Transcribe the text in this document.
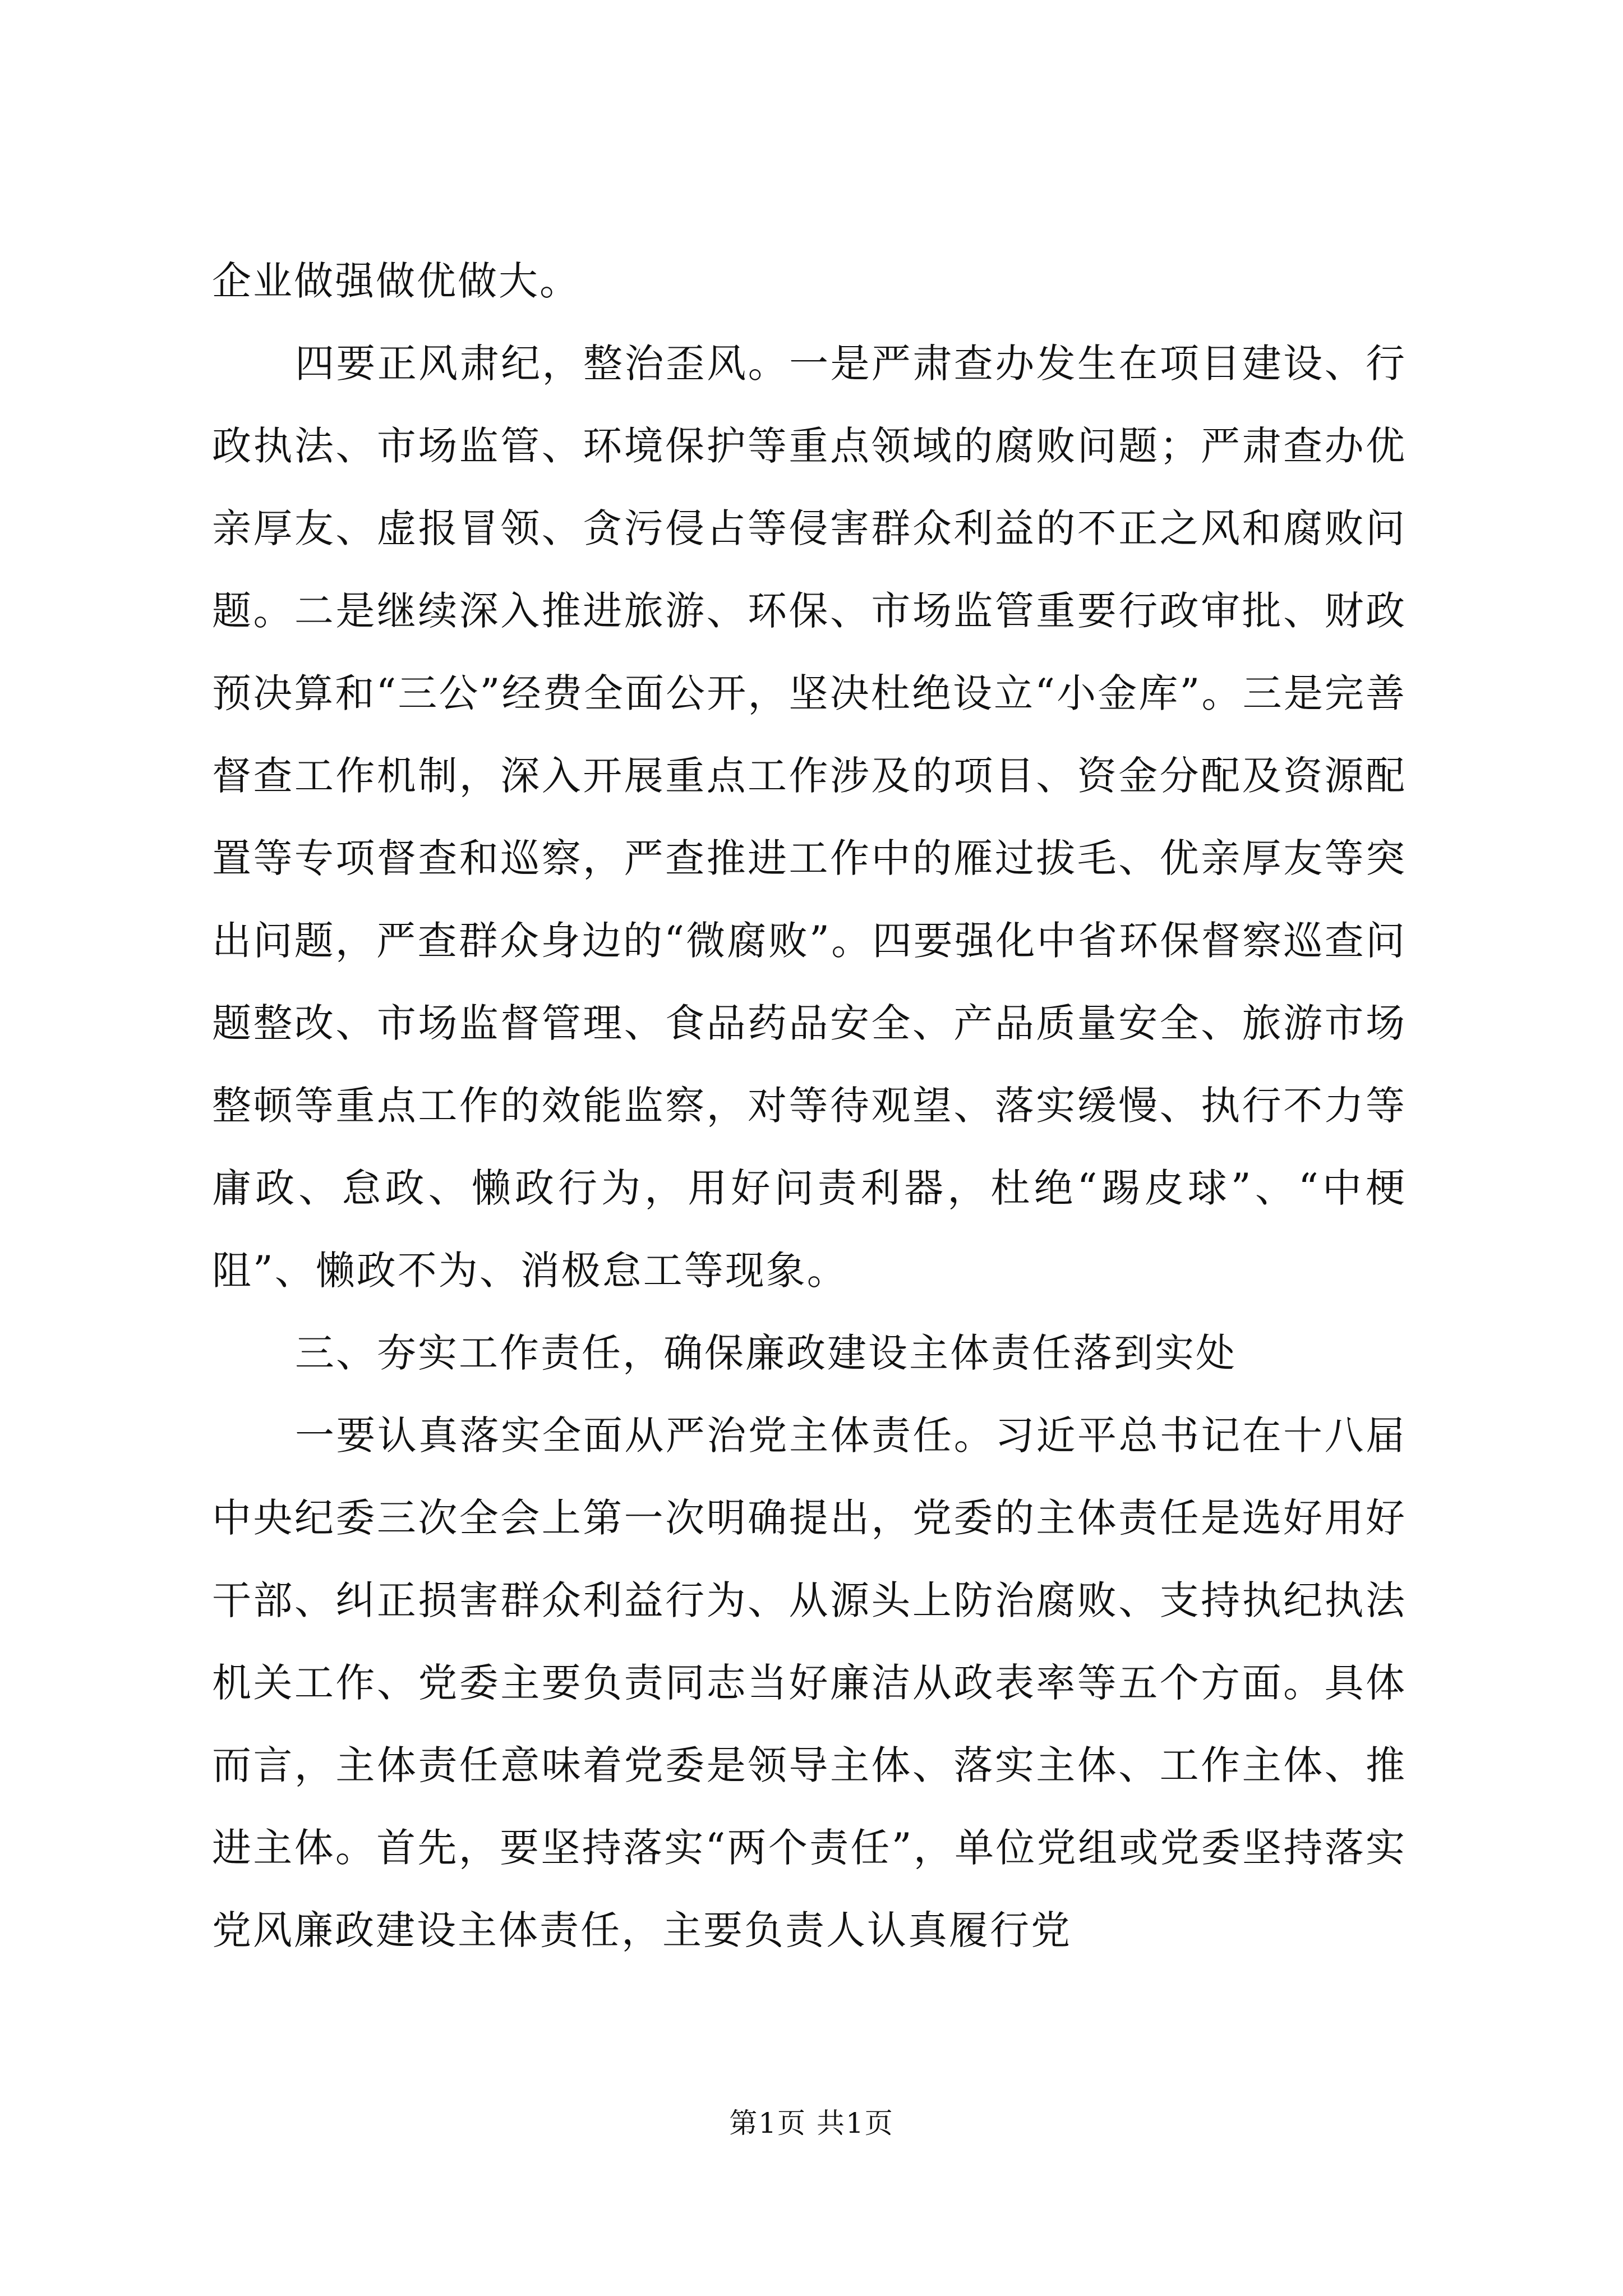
企业做强做优做大。

四要正风肃纪，整治歪风。一是严肃查办发生在项目建设、行政执法、市场监管、环境保护等重点领域的腐败问题；严肃查办优亲厚友、虚报冒领、贪污侵占等侵害群众利益的不正之风和腐败问题。二是继续深入推进旅游、环保、市场监管重要行政审批、财政预决算和“三公”经费全面公开，坚决杜绝设立“小金库”。三是完善督查工作机制，深入开展重点工作涉及的项目、资金分配及资源配置等专项督查和巡察，严查推进工作中的雁过拔毛、优亲厚友等突出问题，严查群众身边的“微腐败”。四要强化中省环保督察巡查问题整改、市场监督管理、食品药品安全、产品质量安全、旅游市场整顿等重点工作的效能监察，对等待观望、落实缓慢、执行不力等庸政、怠政、懒政行为，用好问责利器，杜绝“踢皮球”、“中梗阻”、懒政不为、消极怠工等现象。

三、夯实工作责任，确保廉政建设主体责任落到实处

一要认真落实全面从严治党主体责任。习近平总书记在十八届中央纪委三次全会上第一次明确提出，党委的主体责任是选好用好干部、纠正损害群众利益行为、从源头上防治腐败、支持执纪执法机关工作、党委主要负责同志当好廉洁从政表率等五个方面。具体而言，主体责任意味着党委是领导主体、落实主体、工作主体、推进主体。首先，要坚持落实“两个责任”，单位党组或党委坚持落实党风廉政建设主体责任，主要负责人认真履行党

第1页 共1页
